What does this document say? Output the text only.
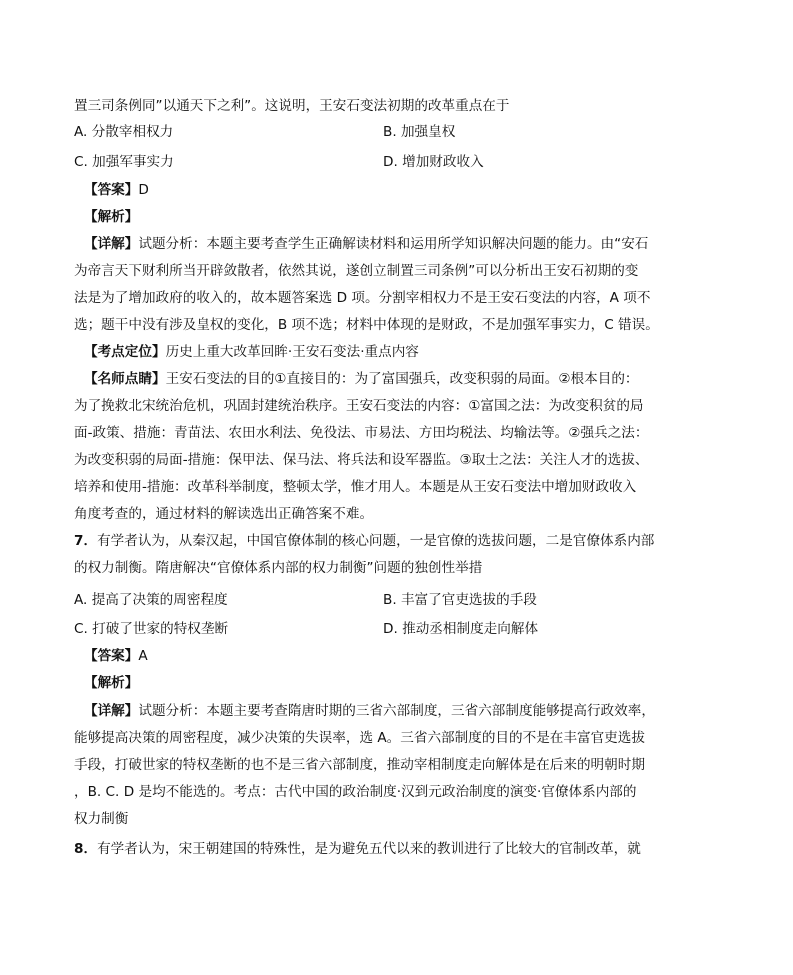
置三司条例同”以通天下之利”。这说明，王安石变法初期的改革重点在于
A. 分散宰相权力	B. 加强皇权
C. 加强军事实力	D. 增加财政收入
【答案】D
【解析】
【详解】试题分析：本题主要考查学生正确解读材料和运用所学知识解决问题的能力。由“安石
为帝言天下财利所当开辟敛散者，依然其说，遂创立制置三司条例”可以分析出王安石初期的变
法是为了增加政府的收入的，故本题答案选 D 项。分割宰相权力不是王安石变法的内容，A 项不
选；题干中没有涉及皇权的变化，B 项不选；材料中体现的是财政，不是加强军事实力，C 错误。
【考点定位】历史上重大改革回眸·王安石变法·重点内容
【名师点睛】王安石变法的目的①直接目的：为了富国强兵，改变积弱的局面。②根本目的：
为了挽救北宋统治危机，巩固封建统治秩序。王安石变法的内容：①富国之法：为改变积贫的局
面-政策、措施：青苗法、农田水利法、免役法、市易法、方田均税法、均输法等。②强兵之法：
为改变积弱的局面-措施：保甲法、保马法、将兵法和设军器监。③取士之法：关注人才的选拔、
培养和使用-措施：改革科举制度，整顿太学，惟才用人。本题是从王安石变法中增加财政收入
角度考查的，通过材料的解读选出正确答案不难。
7．有学者认为，从秦汉起，中国官僚体制的核心问题，一是官僚的选拔问题，二是官僚体系内部
的权力制衡。隋唐解决“官僚体系内部的权力制衡”问题的独创性举措
A. 提高了决策的周密程度	B. 丰富了官吏选拔的手段
C. 打破了世家的特权垄断	D. 推动丞相制度走向解体
【答案】A
【解析】
【详解】试题分析：本题主要考查隋唐时期的三省六部制度，三省六部制度能够提高行政效率，
能够提高决策的周密程度，减少决策的失误率，选 A。三省六部制度的目的不是在丰富官吏选拔
手段，打破世家的特权垄断的也不是三省六部制度，推动宰相制度走向解体是在后来的明朝时期
，B. C. D 是均不能选的。考点：古代中国的政治制度·汉到元政治制度的演变·官僚体系内部的
权力制衡
8．有学者认为，宋王朝建国的特殊性，是为避免五代以来的教训进行了比较大的官制改革，就
